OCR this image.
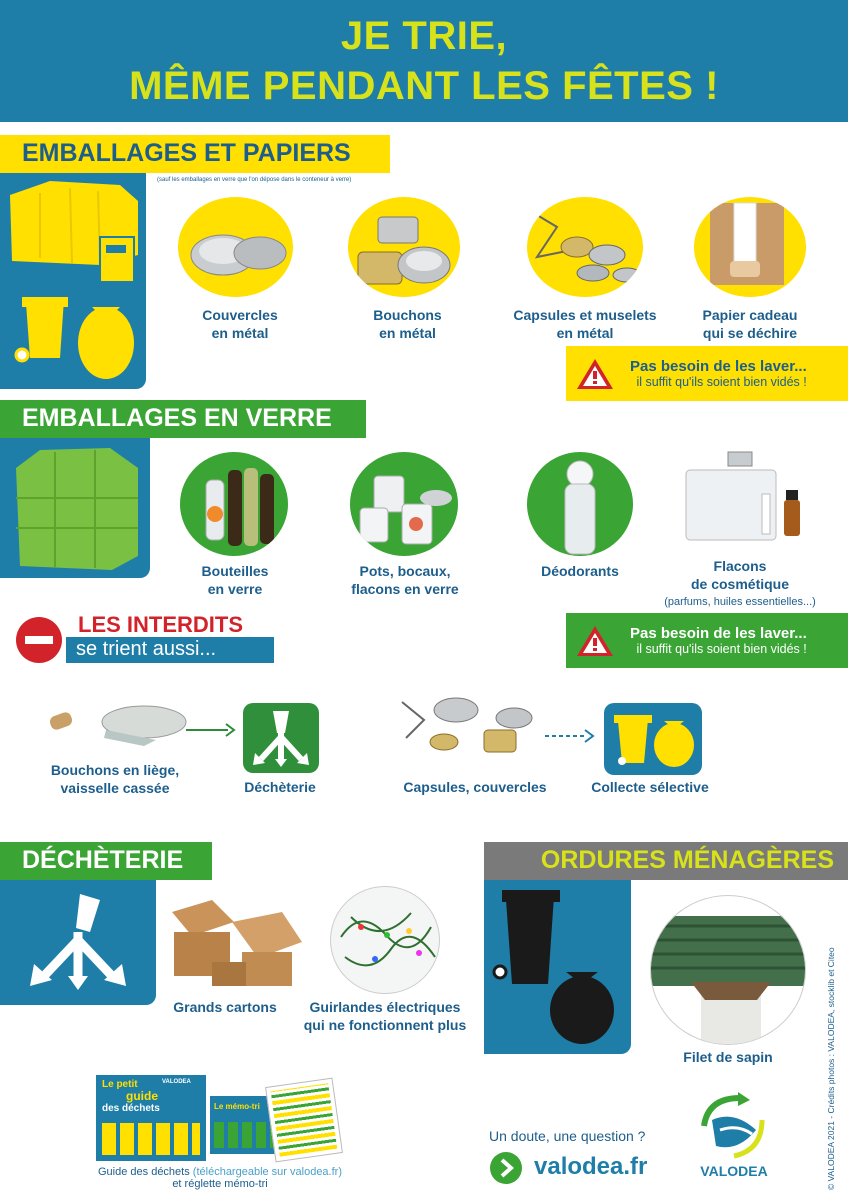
JE TRIE,
MÊME PENDANT LES FÊTES !
EMBALLAGES ET PAPIERS
(sauf les emballages en verre que l'on dépose dans le conteneur à verre)
Couvercles
en métal
Bouchons
en métal
Capsules et muselets
en métal
Papier cadeau
qui se déchire
Pas besoin de les laver...
il suffit qu'ils soient bien vidés !
EMBALLAGES EN VERRE
Bouteilles
en verre
Pots, bocaux,
flacons en verre
Déodorants	Flacons
de cosmétique
(parfums, huiles essentielles...)
Pas besoin de les laver...
il suffit qu'ils soient bien vidés !
LES INTERDITS
se trient aussi...
Bouchons en liège,
vaisselle cassée	Déchèterie	Capsules, couvercles	Collecte sélective
DÉCHÈTERIE
Grands cartons	Guirlandes électriques
qui ne fonctionnent plus
ORDURES MÉNAGÈRES
Filet de sapin
Le petit
guide
des déchets
VALODEA
Le mémo-tri
Guide des déchets (téléchargeable sur valodea.fr)
et réglette mémo-tri
Un doute, une question ?
valodea.fr	VALODEA	© VALODEA 2021 - Crédits photos : VALODEA, stocklib et Citeo
